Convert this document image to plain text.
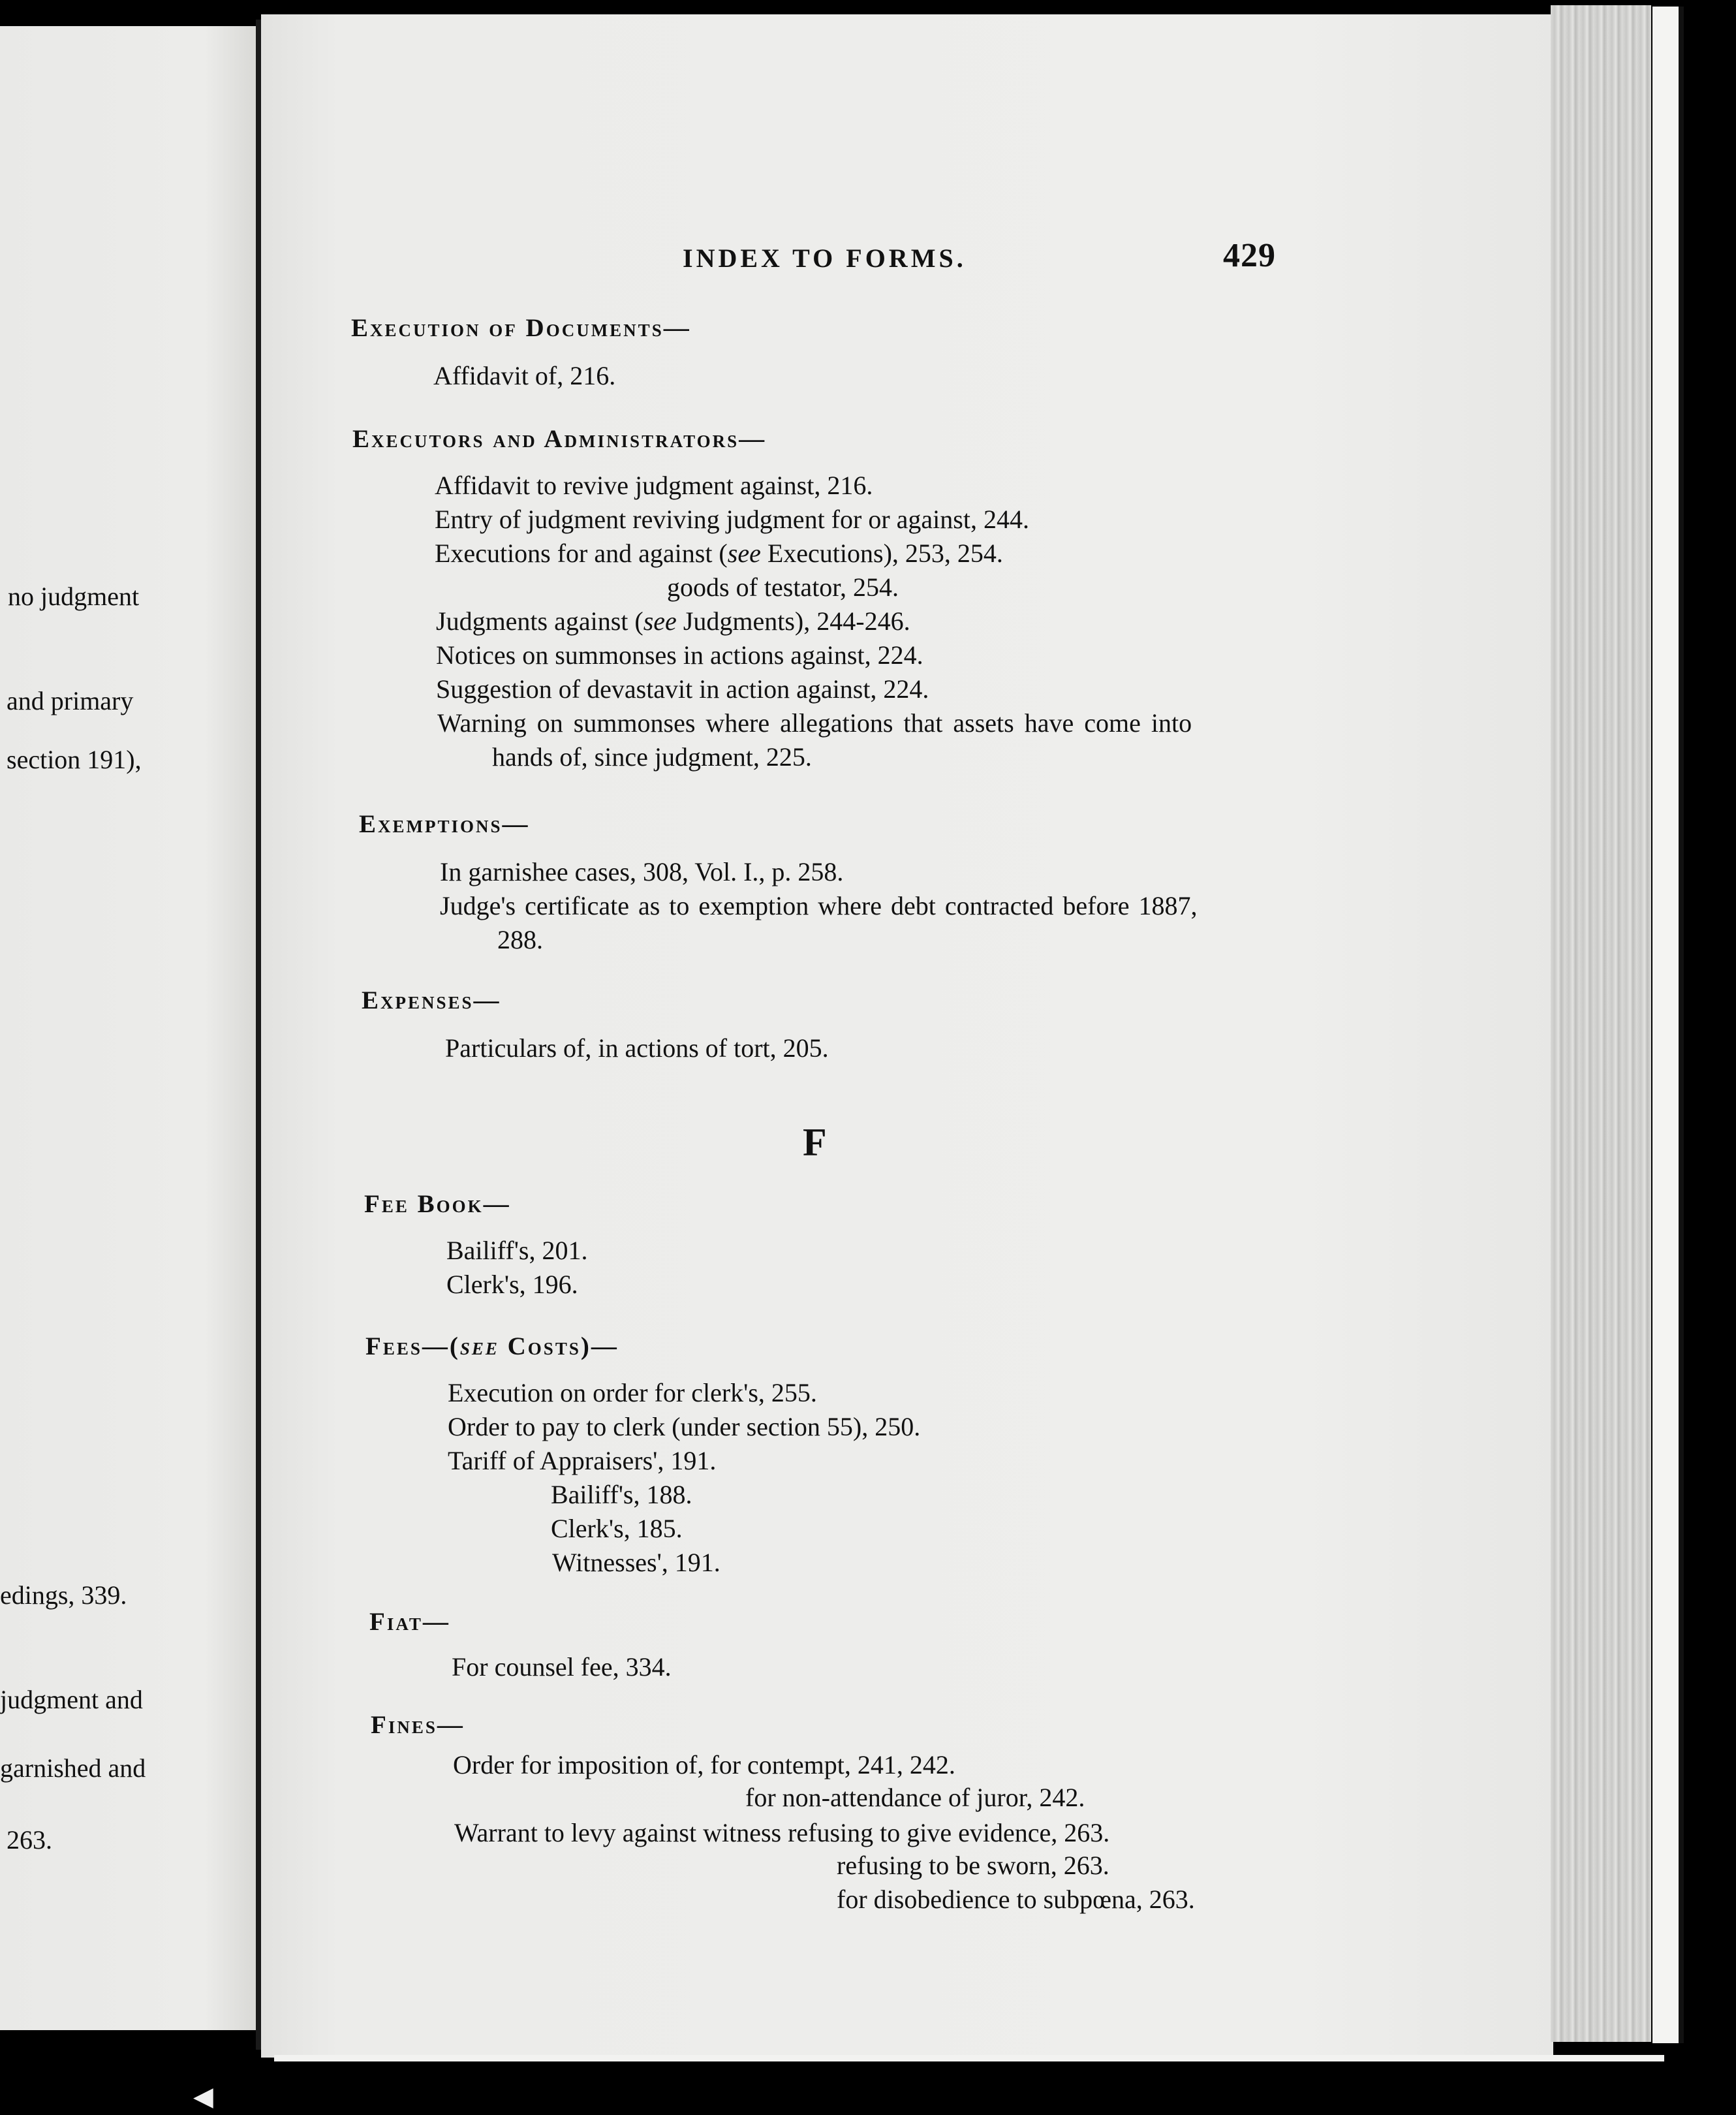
no judgment
and primary
section 191),
edings, 339.
judgment and
garnished and
263.
INDEX TO FORMS.	429
Execution of Documents—
Affidavit of, 216.
Executors and Administrators—
Affidavit to revive judgment against, 216.
Entry of judgment reviving judgment for or against, 244.
Executions for and against (see Executions), 253, 254.
goods of testator, 254.
Judgments against (see Judgments), 244-246.
Notices on summonses in actions against, 224.
Suggestion of devastavit in action against, 224.
Warning on summonses where allegations that assets have come into
hands of, since judgment, 225.
Exemptions—
In garnishee cases, 308, Vol. I., p. 258.
Judge's certificate as to exemption where debt contracted before 1887,
288.
Expenses—
Particulars of, in actions of tort, 205.
F
Fee Book—
Bailiff's, 201.
Clerk's, 196.
Fees—(see Costs)—
Execution on order for clerk's, 255.
Order to pay to clerk (under section 55), 250.
Tariff of Appraisers', 191.
Bailiff's, 188.
Clerk's, 185.
Witnesses', 191.
Fiat—
For counsel fee, 334.
Fines—
Order for imposition of, for contempt, 241, 242.
for non-attendance of juror, 242.
Warrant to levy against witness refusing to give evidence, 263.
refusing to be sworn, 263.
for disobedience to subpœna, 263.
◀
